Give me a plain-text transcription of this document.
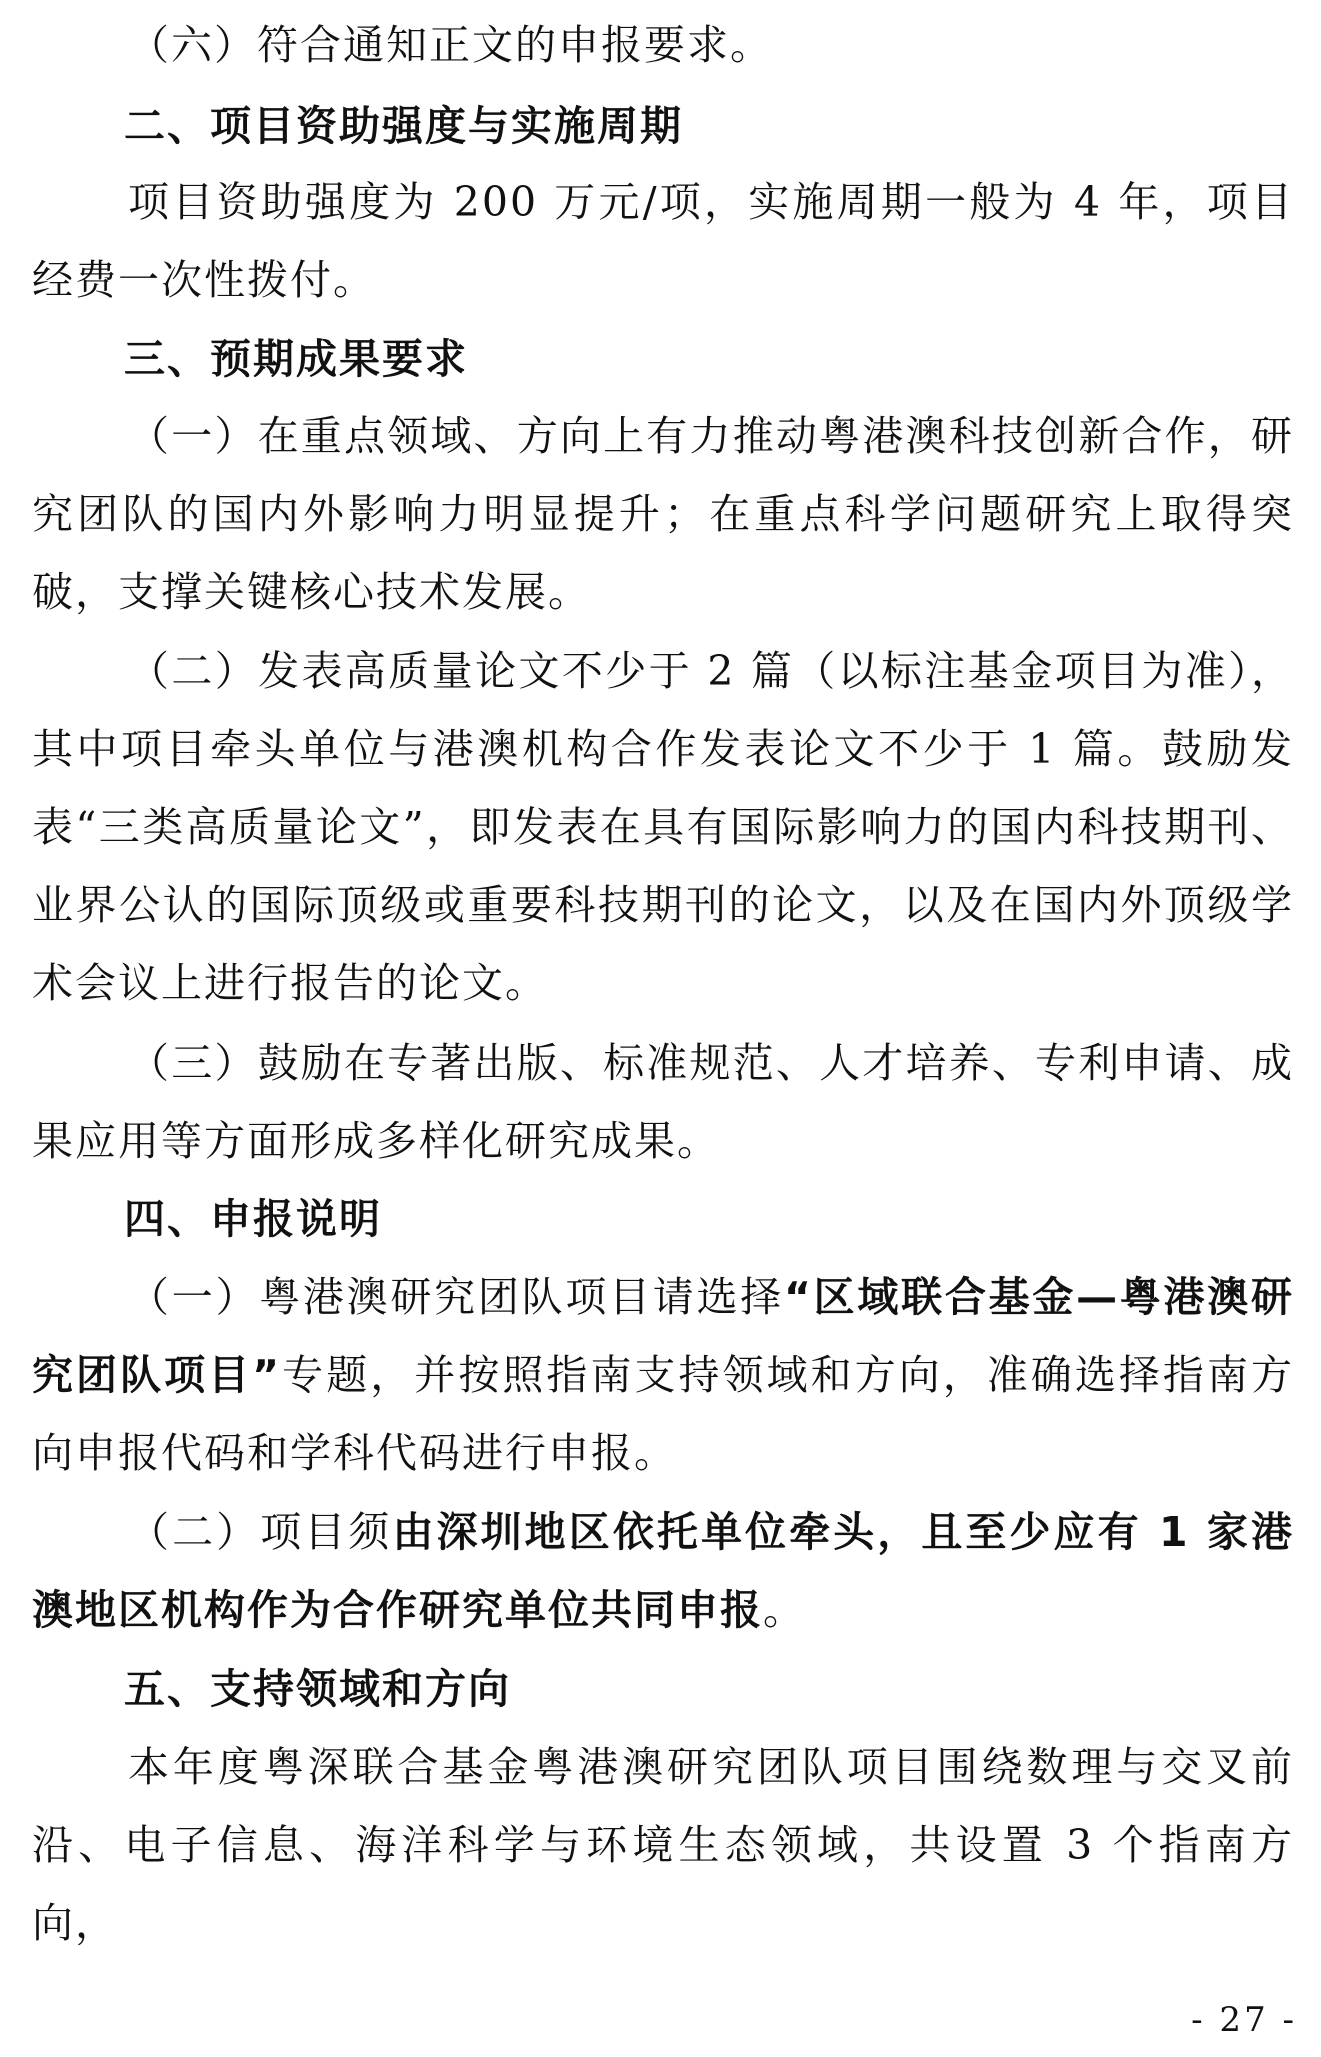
（六）符合通知正文的申报要求。

二、项目资助强度与实施周期

项目资助强度为 200 万元/项，实施周期一般为 4 年，项目经费一次性拨付。

三、预期成果要求

（一）在重点领域、方向上有力推动粤港澳科技创新合作，研究团队的国内外影响力明显提升；在重点科学问题研究上取得突破，支撑关键核心技术发展。

（二）发表高质量论文不少于 2 篇（以标注基金项目为准），其中项目牵头单位与港澳机构合作发表论文不少于 1 篇。鼓励发表“三类高质量论文”，即发表在具有国际影响力的国内科技期刊、业界公认的国际顶级或重要科技期刊的论文，以及在国内外顶级学术会议上进行报告的论文。

（三）鼓励在专著出版、标准规范、人才培养、专利申请、成果应用等方面形成多样化研究成果。

四、申报说明

（一）粤港澳研究团队项目请选择“区域联合基金—粤港澳研究团队项目”专题，并按照指南支持领域和方向，准确选择指南方向申报代码和学科代码进行申报。

（二）项目须由深圳地区依托单位牵头，且至少应有 1 家港澳地区机构作为合作研究单位共同申报。

五、支持领域和方向

本年度粤深联合基金粤港澳研究团队项目围绕数理与交叉前沿、电子信息、海洋科学与环境生态领域，共设置 3 个指南方向，

- 27 -
